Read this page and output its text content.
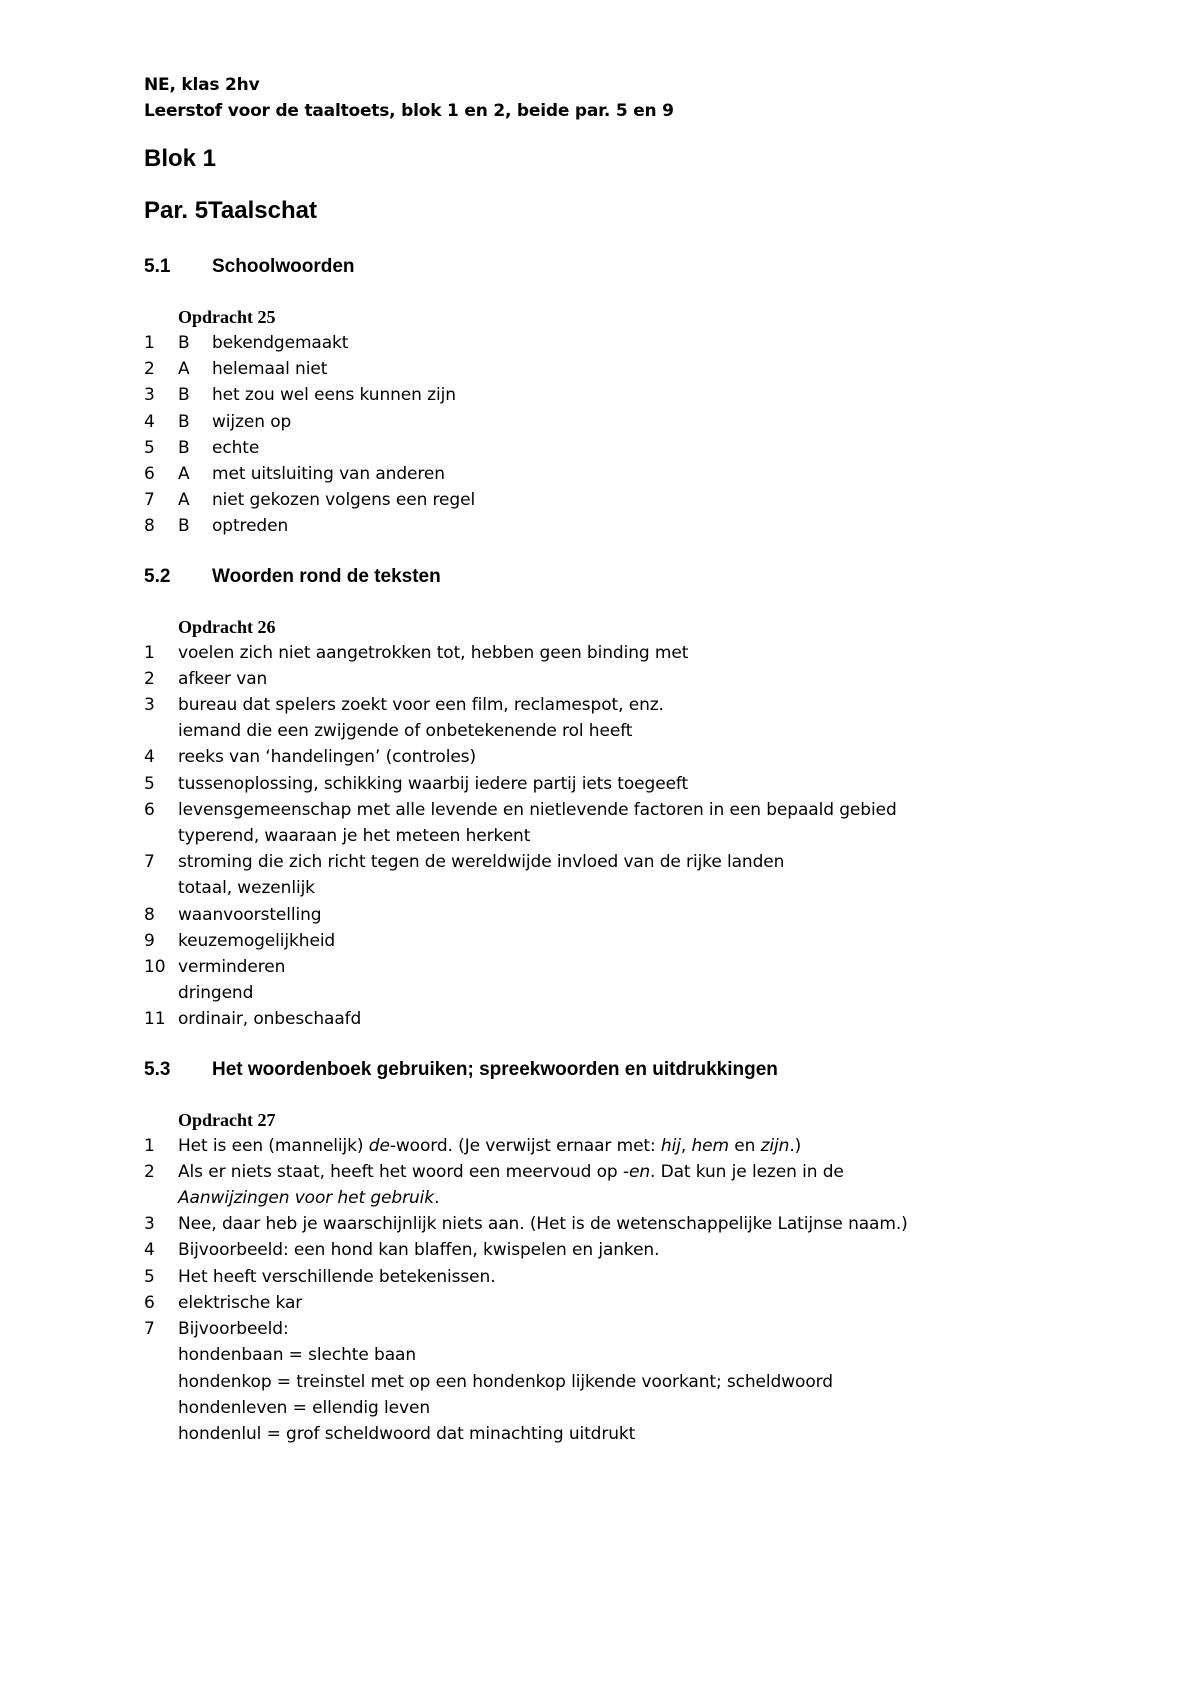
NE, klas 2hv
Leerstof voor de taaltoets, blok 1 en 2, beide par. 5 en 9
Blok 1
Par. 5Taalschat
5.1	Schoolwoorden
Opdracht 25
1	B	bekendgemaakt
2	A	helemaal niet
3	B	het zou wel eens kunnen zijn
4	B	wijzen op
5	B	echte
6	A	met uitsluiting van anderen
7	A	niet gekozen volgens een regel
8	B	optreden
5.2	Woorden rond de teksten
Opdracht 26
1	voelen zich niet aangetrokken tot, hebben geen binding met
2	afkeer van
3	bureau dat spelers zoekt voor een film, reclamespot, enz.
iemand die een zwijgende of onbetekenende rol heeft
4	reeks van ‘handelingen’ (controles)
5	tussenoplossing, schikking waarbij iedere partij iets toegeeft
6	levensgemeenschap met alle levende en nietlevende factoren in een bepaald gebied
typerend, waaraan je het meteen herkent
7	stroming die zich richt tegen de wereldwijde invloed van de rijke landen
totaal, wezenlijk
8	waanvoorstelling
9	keuzemogelijkheid
10 verminderen
dringend
11 ordinair, onbeschaafd
5.3	Het woordenboek gebruiken; spreekwoorden en uitdrukkingen
Opdracht 27
1	Het is een (mannelijk) de-woord. (Je verwijst ernaar met: hij, hem en zijn.)
2	Als er niets staat, heeft het woord een meervoud op -en. Dat kun je lezen in de
Aanwijzingen voor het gebruik.
3	Nee, daar heb je waarschijnlijk niets aan. (Het is de wetenschappelijke Latijnse naam.)
4	Bijvoorbeeld: een hond kan blaffen, kwispelen en janken.
5	Het heeft verschillende betekenissen.
6	elektrische kar
7	Bijvoorbeeld:
hondenbaan = slechte baan
hondenkop = treinstel met op een hondenkop lijkende voorkant; scheldwoord
hondenleven = ellendig leven
hondenlul = grof scheldwoord dat minachting uitdrukt
